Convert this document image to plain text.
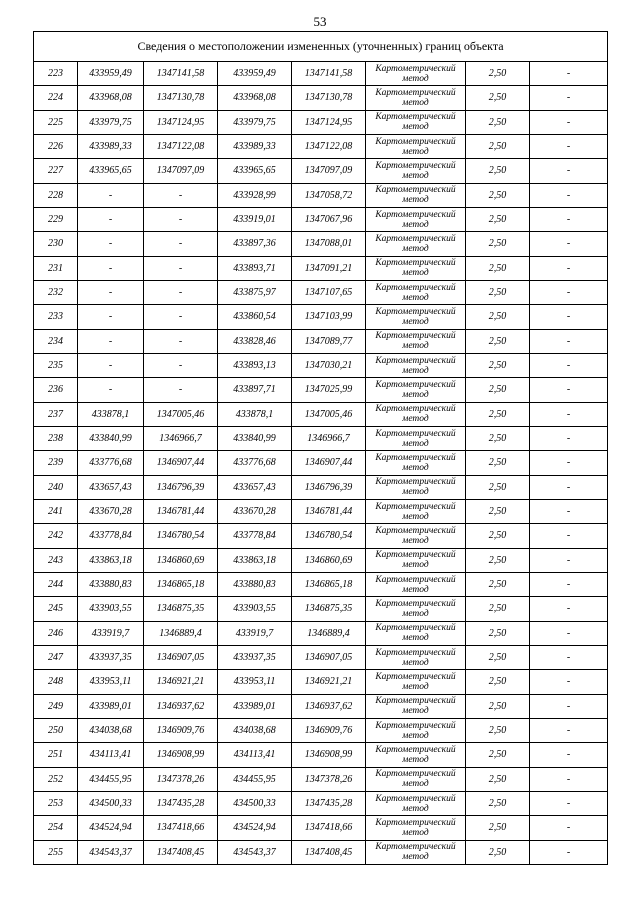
53
Сведения о местоположении измененных (уточненных) границ объекта							
223	433959,49	1347141,58	433959,49	1347141,58	Картометрический метод	2,50	-
224	433968,08	1347130,78	433968,08	1347130,78	Картометрический метод	2,50	-
225	433979,75	1347124,95	433979,75	1347124,95	Картометрический метод	2,50	-
226	433989,33	1347122,08	433989,33	1347122,08	Картометрический метод	2,50	-
227	433965,65	1347097,09	433965,65	1347097,09	Картометрический метод	2,50	-
228	-	-	433928,99	1347058,72	Картометрический метод	2,50	-
229	-	-	433919,01	1347067,96	Картометрический метод	2,50	-
230	-	-	433897,36	1347088,01	Картометрический метод	2,50	-
231	-	-	433893,71	1347091,21	Картометрический метод	2,50	-
232	-	-	433875,97	1347107,65	Картометрический метод	2,50	-
233	-	-	433860,54	1347103,99	Картометрический метод	2,50	-
234	-	-	433828,46	1347089,77	Картометрический метод	2,50	-
235	-	-	433893,13	1347030,21	Картометрический метод	2,50	-
236	-	-	433897,71	1347025,99	Картометрический метод	2,50	-
237	433878,1	1347005,46	433878,1	1347005,46	Картометрический метод	2,50	-
238	433840,99	1346966,7	433840,99	1346966,7	Картометрический метод	2,50	-
239	433776,68	1346907,44	433776,68	1346907,44	Картометрический метод	2,50	-
240	433657,43	1346796,39	433657,43	1346796,39	Картометрический метод	2,50	-
241	433670,28	1346781,44	433670,28	1346781,44	Картометрический метод	2,50	-
242	433778,84	1346780,54	433778,84	1346780,54	Картометрический метод	2,50	-
243	433863,18	1346860,69	433863,18	1346860,69	Картометрический метод	2,50	-
244	433880,83	1346865,18	433880,83	1346865,18	Картометрический метод	2,50	-
245	433903,55	1346875,35	433903,55	1346875,35	Картометрический метод	2,50	-
246	433919,7	1346889,4	433919,7	1346889,4	Картометрический метод	2,50	-
247	433937,35	1346907,05	433937,35	1346907,05	Картометрический метод	2,50	-
248	433953,11	1346921,21	433953,11	1346921,21	Картометрический метод	2,50	-
249	433989,01	1346937,62	433989,01	1346937,62	Картометрический метод	2,50	-
250	434038,68	1346909,76	434038,68	1346909,76	Картометрический метод	2,50	-
251	434113,41	1346908,99	434113,41	1346908,99	Картометрический метод	2,50	-
252	434455,95	1347378,26	434455,95	1347378,26	Картометрический метод	2,50	-
253	434500,33	1347435,28	434500,33	1347435,28	Картометрический метод	2,50	-
254	434524,94	1347418,66	434524,94	1347418,66	Картометрический метод	2,50	-
255	434543,37	1347408,45	434543,37	1347408,45	Картометрический метод	2,50	-
